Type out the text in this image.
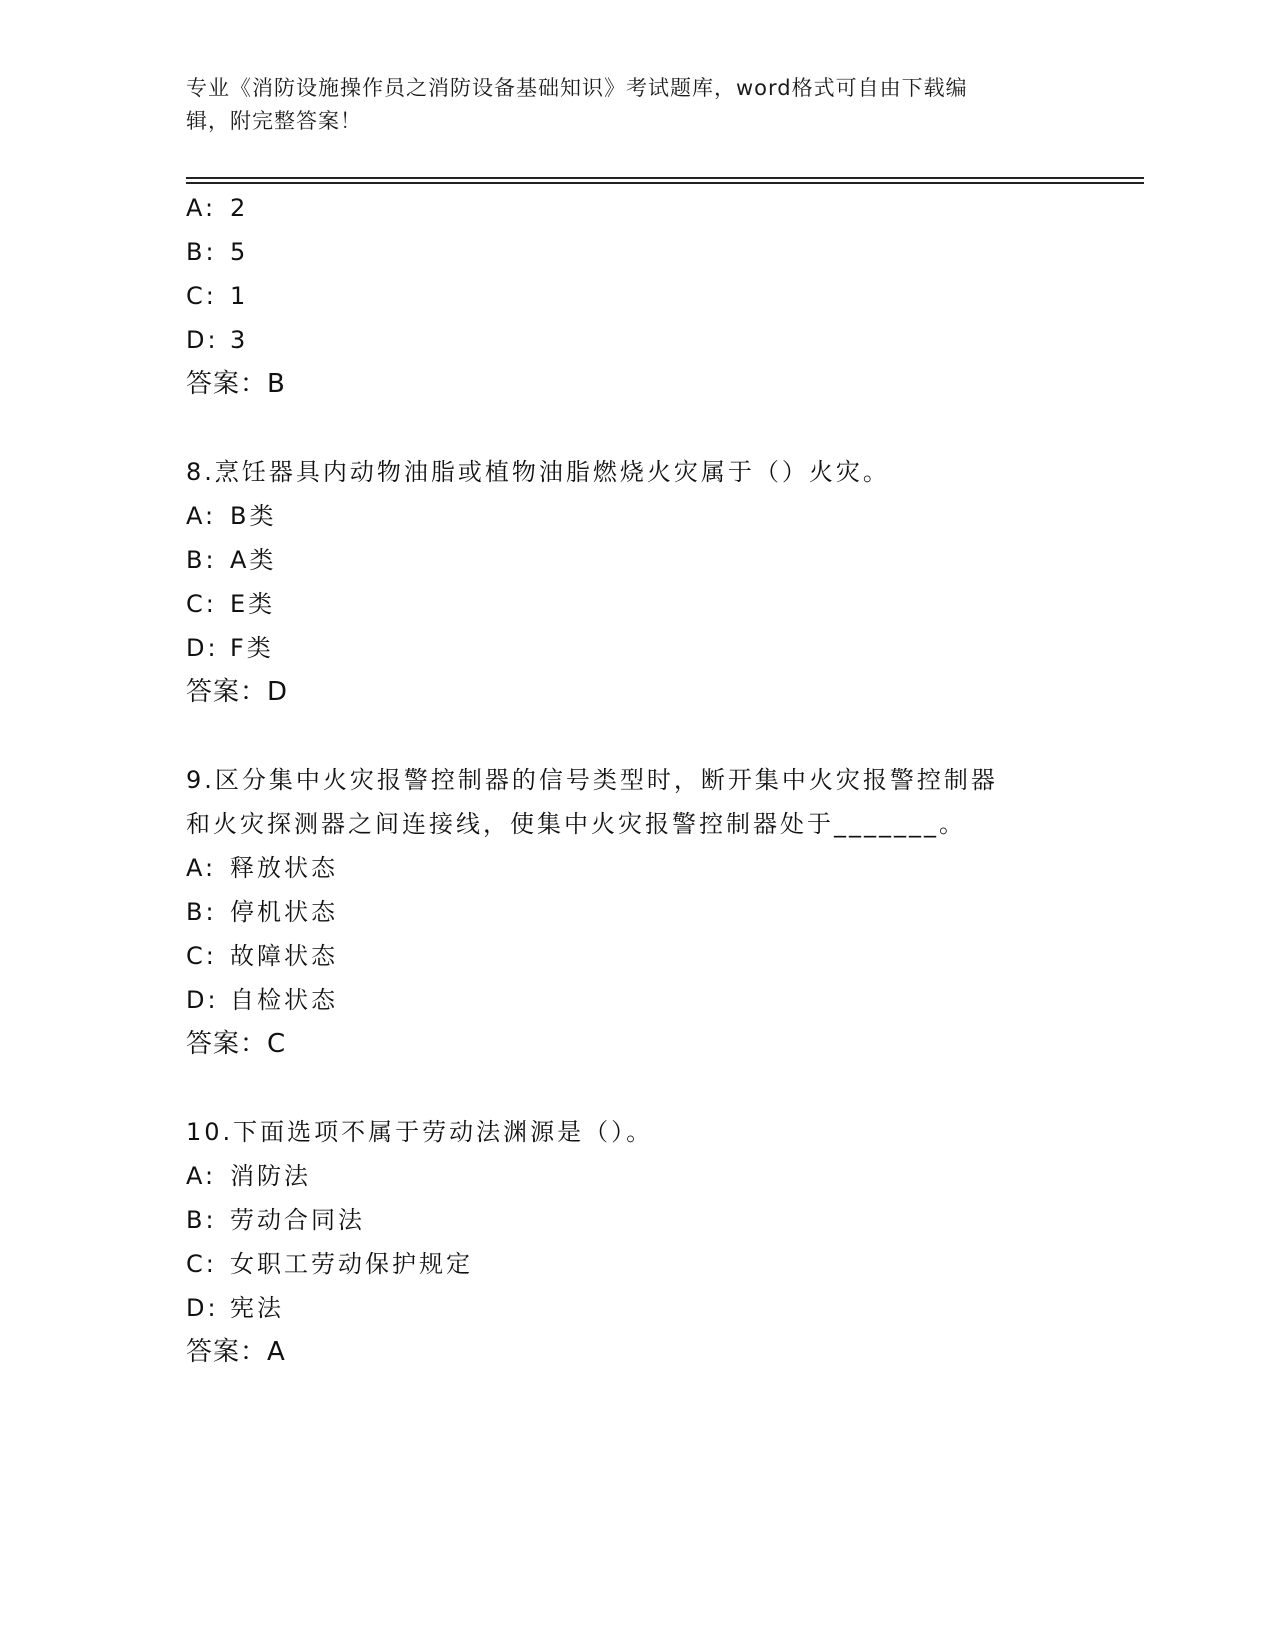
专业《消防设施操作员之消防设备基础知识》考试题库，word格式可自由下载编
辑，附完整答案！
A: 2
B: 5
C: 1
D: 3
答案：B
8.烹饪器具内动物油脂或植物油脂燃烧火灾属于（）火灾。
A: B类
B: A类
C: E类
D: F类
答案：D
9.区分集中火灾报警控制器的信号类型时，断开集中火灾报警控制器
和火灾探测器之间连接线，使集中火灾报警控制器处于_______。
A: 释放状态
B: 停机状态
C: 故障状态
D: 自检状态
答案：C
10.下面选项不属于劳动法渊源是（）。
A: 消防法
B: 劳动合同法
C: 女职工劳动保护规定
D: 宪法
答案：A
